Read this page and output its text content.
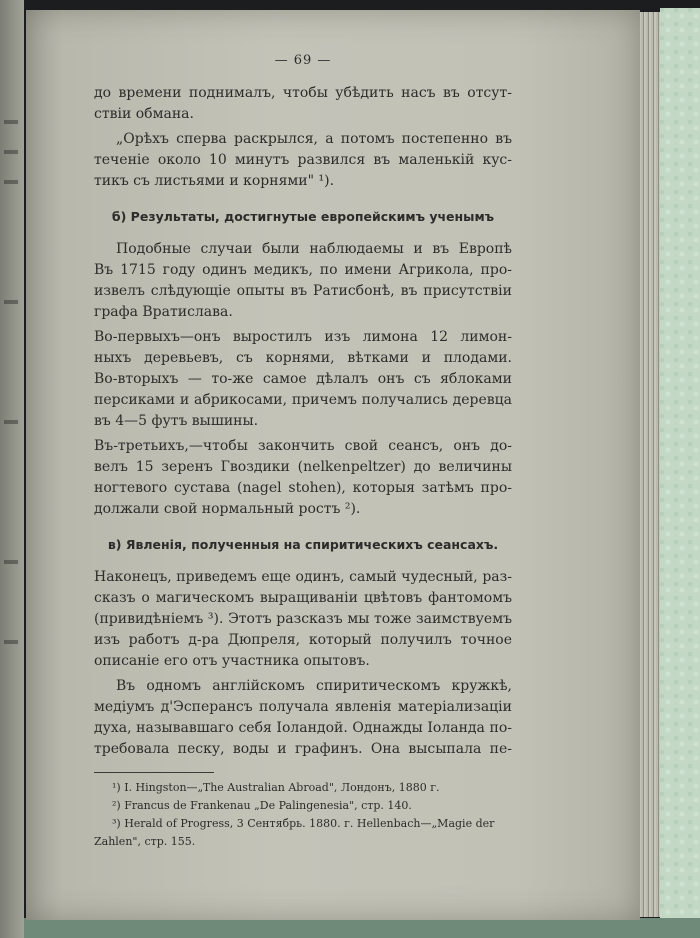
— 69 —
до времени поднималъ, чтобы убѣдить насъ въ отсут-
ствіи обмана.
„Орѣхъ сперва раскрылся, а потомъ постепенно въ
теченіе около 10 минутъ развился въ маленькій кус-
тикъ съ листьями и корнями" ¹).
б) Результаты, достигнутые европейскимъ ученымъ
Подобные случаи были наблюдаемы и въ Европѣ
Въ 1715 году одинъ медикъ, по имени Агрикола, про-
извелъ слѣдующіе опыты въ Ратисбонѣ, въ присутствіи
графа Вратислава.
Во-первыхъ—онъ выростилъ изъ лимона 12 лимон-
ныхъ деревьевъ, съ корнями, вѣтками и плодами.
Во-вторыхъ — то-же самое дѣлалъ онъ съ яблоками
персиками и абрикосами, причемъ получались деревца
въ 4—5 футъ вышины.
Въ-третьихъ,—чтобы закончить свой сеансъ, онъ до-
велъ 15 зеренъ Гвоздики (nelkenpeltzer) до величины
ногтевого сустава (nagel stohen), которыя затѣмъ про-
должали свой нормальный ростъ ²).
в) Явленія, полученныя на спиритическихъ сеансахъ.
Наконецъ, приведемъ еще одинъ, самый чудесный, раз-
сказъ о магическомъ выращиваніи цвѣтовъ фантомомъ
(привидѣніемъ ³). Этотъ разсказъ мы тоже заимствуемъ
изъ работъ д-ра Дюпреля, который получилъ точное
описаніе его отъ участника опытовъ.
Въ одномъ англійскомъ спиритическомъ кружкѣ,
медіумъ д'Эсперансъ получала явленія матеріализаціи
духа, называвшаго себя Іоландой. Однажды Іоланда по-
требовала песку, воды и графинъ. Она высыпала пе-
¹) I. Hingston—„The Australian Abroad", Лондонъ, 1880 г.
²) Francus de Frankenau „De Palingenesia", стр. 140.
³) Herald of Progress, 3 Сентябрь. 1880. г. Hellenbach—„Magie der
Zahlen", стр. 155.
